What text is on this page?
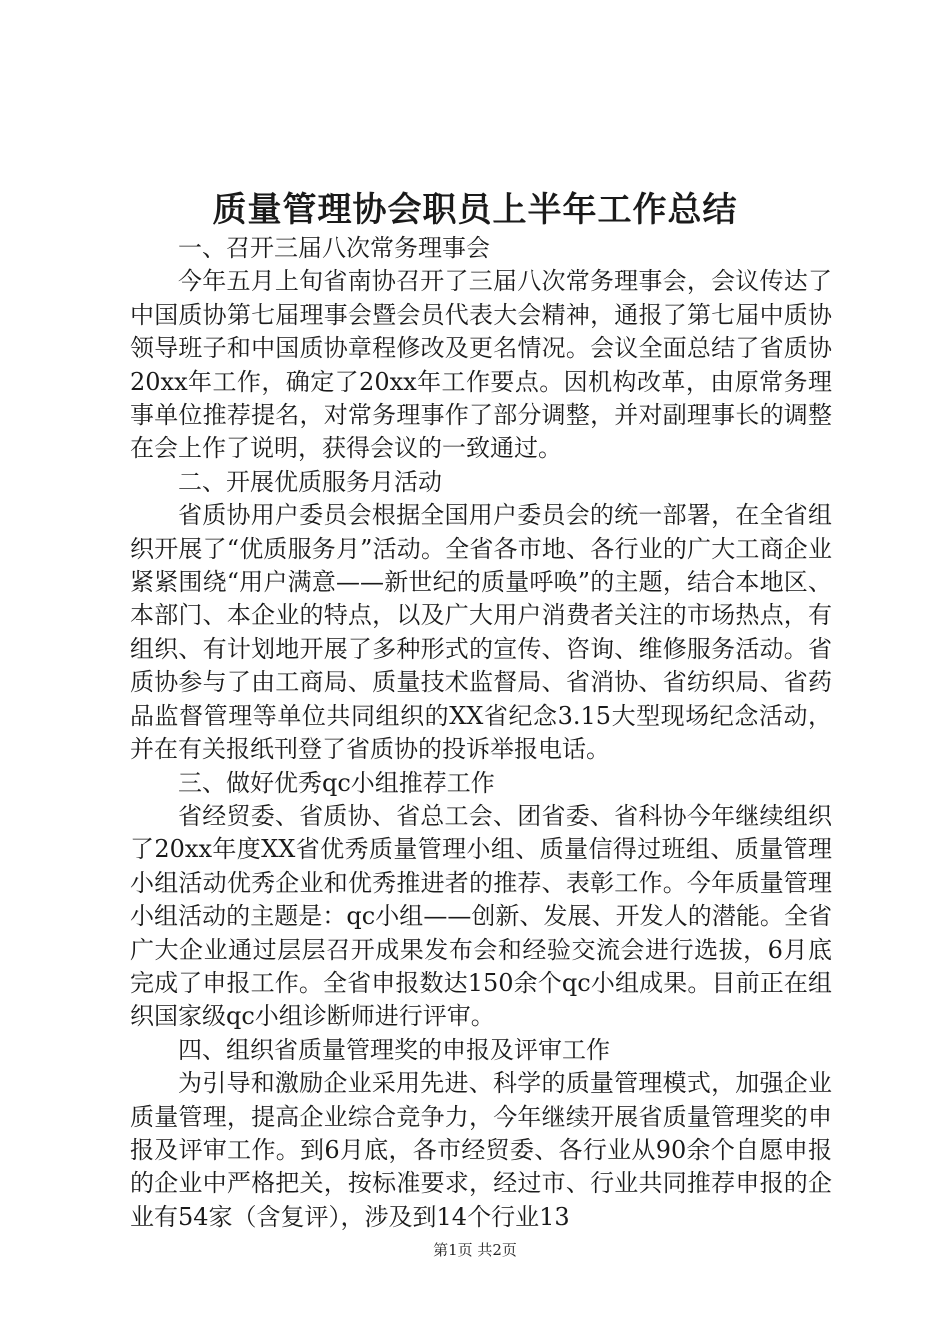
质量管理协会职员上半年工作总结

一、召开三届八次常务理事会

今年五月上旬省南协召开了三届八次常务理事会，会议传达了中国质协第七届理事会暨会员代表大会精神，通报了第七届中质协领导班子和中国质协章程修改及更名情况。会议全面总结了省质协20xx年工作，确定了20xx年工作要点。因机构改革，由原常务理事单位推荐提名，对常务理事作了部分调整，并对副理事长的调整在会上作了说明，获得会议的一致通过。

二、开展优质服务月活动

省质协用户委员会根据全国用户委员会的统一部署，在全省组织开展了“优质服务月”活动。全省各市地、各行业的广大工商企业紧紧围绕“用户满意——新世纪的质量呼唤”的主题，结合本地区、本部门、本企业的特点，以及广大用户消费者关注的市场热点，有组织、有计划地开展了多种形式的宣传、咨询、维修服务活动。省质协参与了由工商局、质量技术监督局、省消协、省纺织局、省药品监督管理等单位共同组织的XX省纪念3.15大型现场纪念活动，并在有关报纸刊登了省质协的投诉举报电话。

三、做好优秀qc小组推荐工作

省经贸委、省质协、省总工会、团省委、省科协今年继续组织了20xx年度XX省优秀质量管理小组、质量信得过班组、质量管理小组活动优秀企业和优秀推进者的推荐、表彰工作。今年质量管理小组活动的主题是：qc小组——创新、发展、开发人的潜能。全省广大企业通过层层召开成果发布会和经验交流会进行选拔，6月底完成了申报工作。全省申报数达150余个qc小组成果。目前正在组织国家级qc小组诊断师进行评审。

四、组织省质量管理奖的申报及评审工作

为引导和激励企业采用先进、科学的质量管理模式，加强企业质量管理，提高企业综合竞争力，今年继续开展省质量管理奖的申报及评审工作。到6月底，各市经贸委、各行业从90余个自愿申报的企业中严格把关，按标准要求，经过市、行业共同推荐申报的企业有54家（含复评），涉及到14个行业13

第1页 共2页
